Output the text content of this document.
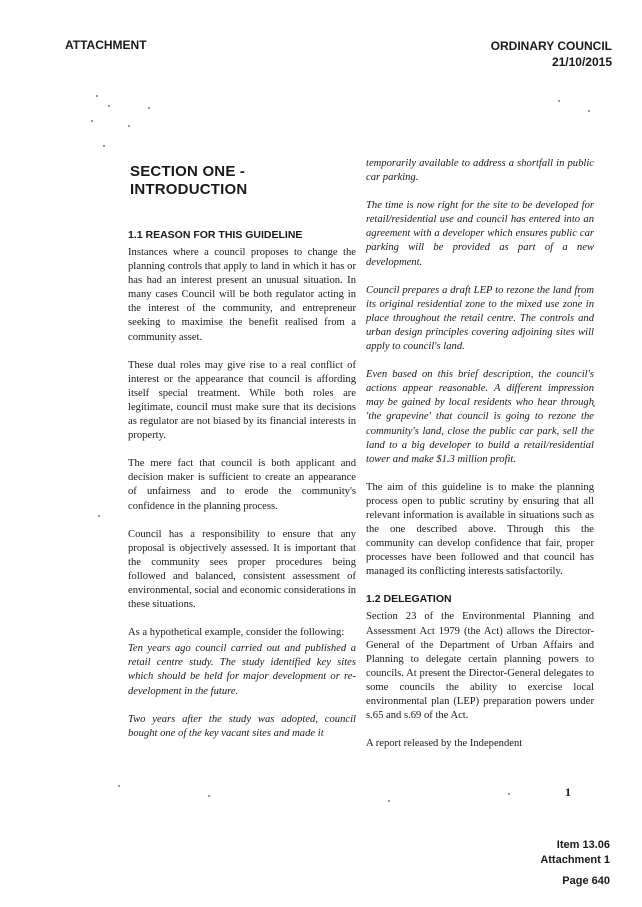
ATTACHMENT	ORDINARY COUNCIL
21/10/2015
SECTION ONE -
INTRODUCTION
1.1 REASON FOR THIS GUIDELINE

Instances where a council proposes to change the planning controls that apply to land in which it has or has had an interest present an unusual situation. In many cases Council will be both regulator acting in the interest of the community, and entrepreneur seeking to maximise the benefit realised from a community asset.

These dual roles may give rise to a real conflict of interest or the appearance that council is affording itself special treatment. While both roles are legitimate, council must make sure that its decisions as regulator are not biased by its financial interests in property.

The mere fact that council is both applicant and decision maker is sufficient to create an appearance of unfairness and to erode the community's confidence in the planning process.

Council has a responsibility to ensure that any proposal is objectively assessed. It is important that the community sees proper procedures being followed and balanced, consistent assessment of environmental, social and economic considerations in these situations.

As a hypothetical example, consider the following:

Ten years ago council carried out and published a retail centre study. The study identified key sites which should be held for major development or re-development in the future.

Two years after the study was adopted, council bought one of the key vacant sites and made it

temporarily available to address a shortfall in public car parking.

The time is now right for the site to be developed for retail/residential use and council has entered into an agreement with a developer which ensures public car parking will be provided as part of a new development.

Council prepares a draft LEP to rezone the land from its original residential zone to the mixed use zone in place throughout the retail centre. The controls and urban design principles covering adjoining sites will apply to council's land.

Even based on this brief description, the council's actions appear reasonable. A different impression may be gained by local residents who hear through 'the grapevine' that council is going to rezone the community's land, close the public car park, sell the land to a big developer to build a retail/residential tower and make $1.3 million profit.

The aim of this guideline is to make the planning process open to public scrutiny by ensuring that all relevant information is available in situations such as the one described above. Through this the community can develop confidence that fair, proper processes have been followed and that council has managed its conflicting interests satisfactorily.

1.2 DELEGATION

Section 23 of the Environmental Planning and Assessment Act 1979 (the Act) allows the Director-General of the Department of Urban Affairs and Planning to delegate certain planning powers to councils. At present the Director-General delegates to some councils the ability to exercise local environmental plan (LEP) preparation powers under s.65 and s.69 of the Act.

A report released by the Independent

1
Item 13.06
Attachment 1
Page 640
